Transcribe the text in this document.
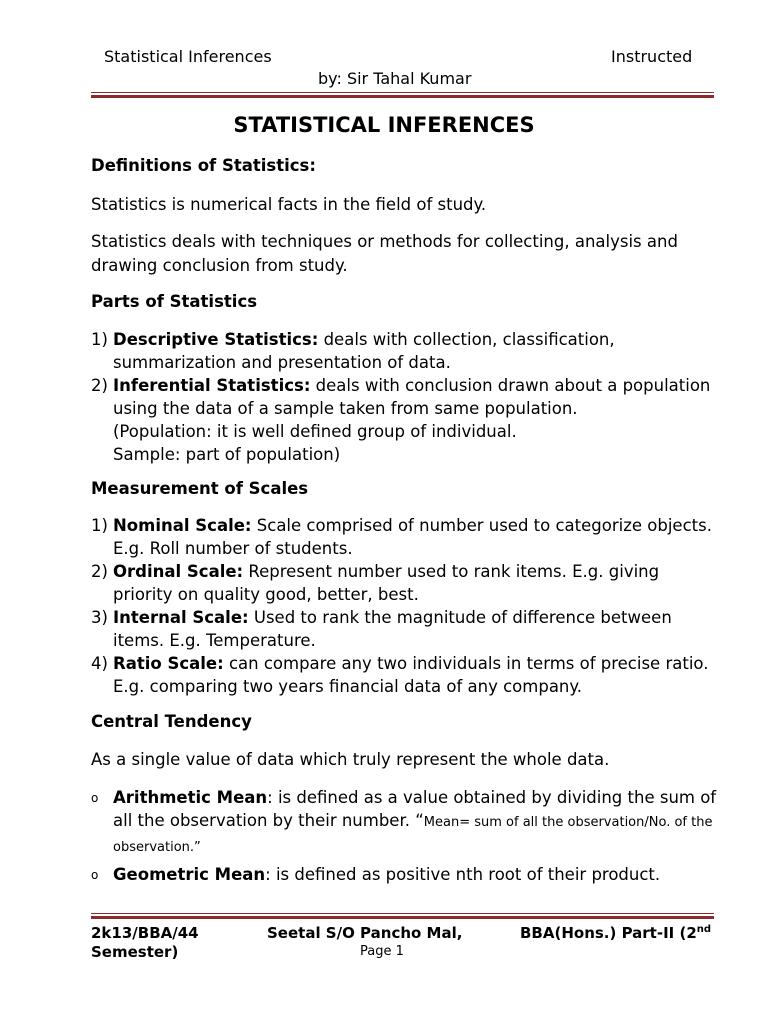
Statistical Inferences	Instructed
by: Sir Tahal Kumar
STATISTICAL INFERENCES
Definitions of Statistics:
Statistics is numerical facts in the field of study.
Statistics deals with techniques or methods for collecting, analysis and drawing conclusion from study.
Parts of Statistics
1) Descriptive Statistics: deals with collection, classification, summarization and presentation of data.
2) Inferential Statistics: deals with conclusion drawn about a population using the data of a sample taken from same population.
(Population: it is well defined group of individual.
Sample: part of population)
Measurement of Scales
1) Nominal Scale: Scale comprised of number used to categorize objects. E.g. Roll number of students.
2) Ordinal Scale: Represent number used to rank items. E.g. giving priority on quality good, better, best.
3) Internal Scale: Used to rank the magnitude of difference between items. E.g. Temperature.
4) Ratio Scale: can compare any two individuals in terms of precise ratio. E.g. comparing two years financial data of any company.
Central Tendency
As a single value of data which truly represent the whole data.
o Arithmetic Mean: is defined as a value obtained by dividing the sum of all the observation by their number. “Mean= sum of all the observation/No. of the observation.”
o Geometric Mean: is defined as positive nth root of their product.
2k13/BBA/44	Seetal S/O Pancho Mal,	BBA(Hons.) Part-II (2nd
Semester)	Page 1
